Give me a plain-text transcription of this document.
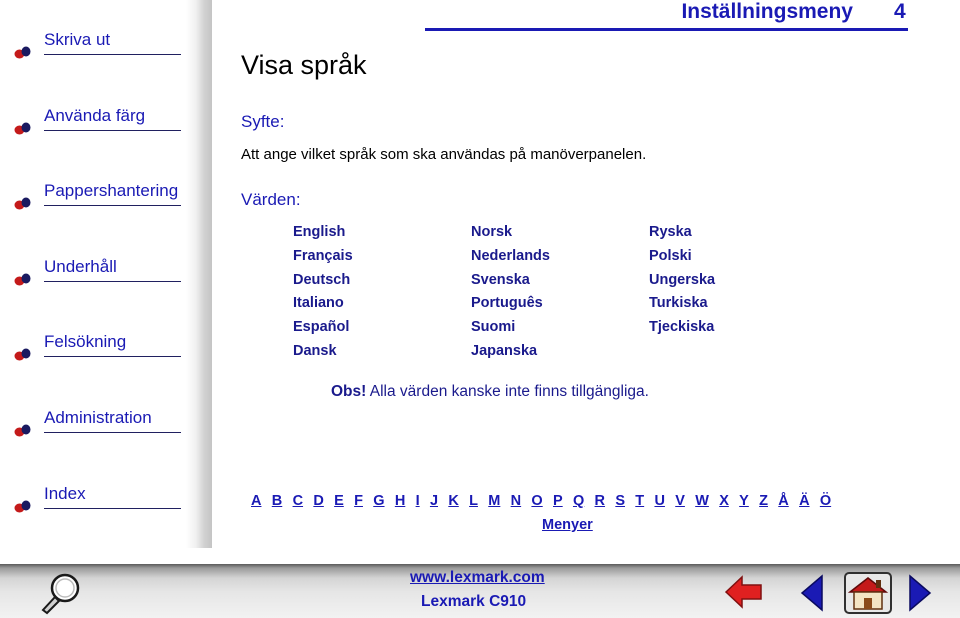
Skriva ut
Använda färg
Pappershantering
Underhåll
Felsökning
Administration
Index
Inställningsmeny 4
Visa språk
Syfte:
Att ange vilket språk som ska användas på manöverpanelen.
Värden:
English
Français
Deutsch
Italiano
Español
Dansk
Norsk
Nederlands
Svenska
Português
Suomi
Japanska
Ryska
Polski
Ungerska
Turkiska
Tjeckiska
Obs! Alla värden kanske inte finns tillgängliga.
A B C D E F G H I J K L M N O P Q R S T U V W X Y Z Å Ä Ö
Menyer
www.lexmark.com
Lexmark C910
